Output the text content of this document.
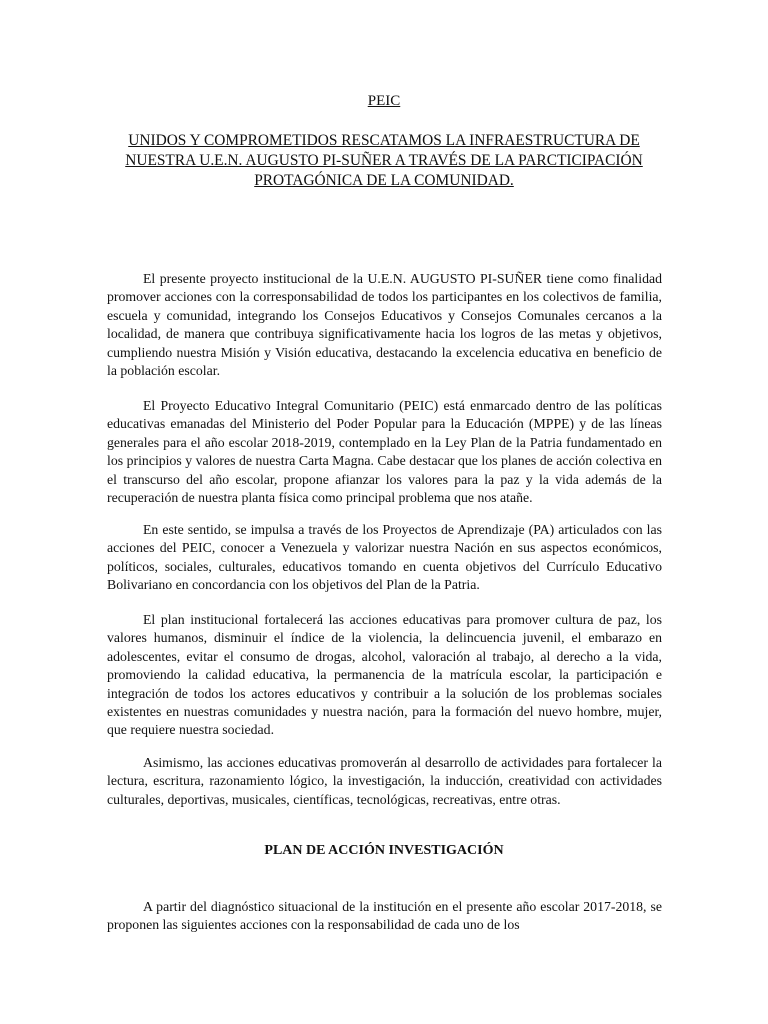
PEIC
UNIDOS Y COMPROMETIDOS RESCATAMOS LA INFRAESTRUCTURA DE NUESTRA U.E.N. AUGUSTO PI-SUÑER A TRAVÉS DE LA PARCTICIPACIÓN PROTAGÓNICA DE LA COMUNIDAD.

El presente proyecto institucional de la U.E.N. AUGUSTO PI-SUÑER tiene como finalidad promover acciones con la corresponsabilidad de todos los participantes en los colectivos de familia, escuela y comunidad, integrando los Consejos Educativos y Consejos Comunales cercanos a la localidad, de manera que contribuya significativamente hacia los logros de las metas y objetivos, cumpliendo nuestra Misión y Visión educativa, destacando la excelencia educativa en beneficio de la población escolar.

El Proyecto Educativo Integral Comunitario (PEIC) está enmarcado dentro de las políticas educativas emanadas del Ministerio del Poder Popular para la Educación (MPPE) y de las líneas generales para el año escolar 2018-2019, contemplado en la Ley Plan de la Patria fundamentado en los principios y valores de nuestra Carta Magna. Cabe destacar que los planes de acción colectiva en el transcurso del año escolar, propone afianzar los valores para la paz y la vida además de la recuperación de nuestra planta física como principal problema que nos atañe.

En este sentido, se impulsa a través de los Proyectos de Aprendizaje (PA) articulados con las acciones del PEIC, conocer a Venezuela y valorizar nuestra Nación en sus aspectos económicos, políticos, sociales, culturales, educativos tomando en cuenta objetivos del Currículo Educativo Bolivariano en concordancia con los objetivos del Plan de la Patria.

El plan institucional fortalecerá las acciones educativas para promover cultura de paz, los valores humanos, disminuir el índice de la violencia, la delincuencia juvenil, el embarazo en adolescentes, evitar el consumo de drogas, alcohol, valoración al trabajo, al derecho a la vida, promoviendo la calidad educativa, la permanencia de la matrícula escolar, la participación e integración de todos los actores educativos y contribuir a la solución de los problemas sociales existentes en nuestras comunidades y nuestra nación, para la formación del nuevo hombre, mujer, que requiere nuestra sociedad.

Asimismo, las acciones educativas promoverán al desarrollo de actividades para fortalecer la lectura, escritura, razonamiento lógico, la investigación, la inducción, creatividad con actividades culturales, deportivas, musicales, científicas, tecnológicas, recreativas, entre otras.

PLAN DE ACCIÓN INVESTIGACIÓN

A partir del diagnóstico situacional de la institución en el presente año escolar 2017-2018, se proponen las siguientes acciones con la responsabilidad de cada uno de los
